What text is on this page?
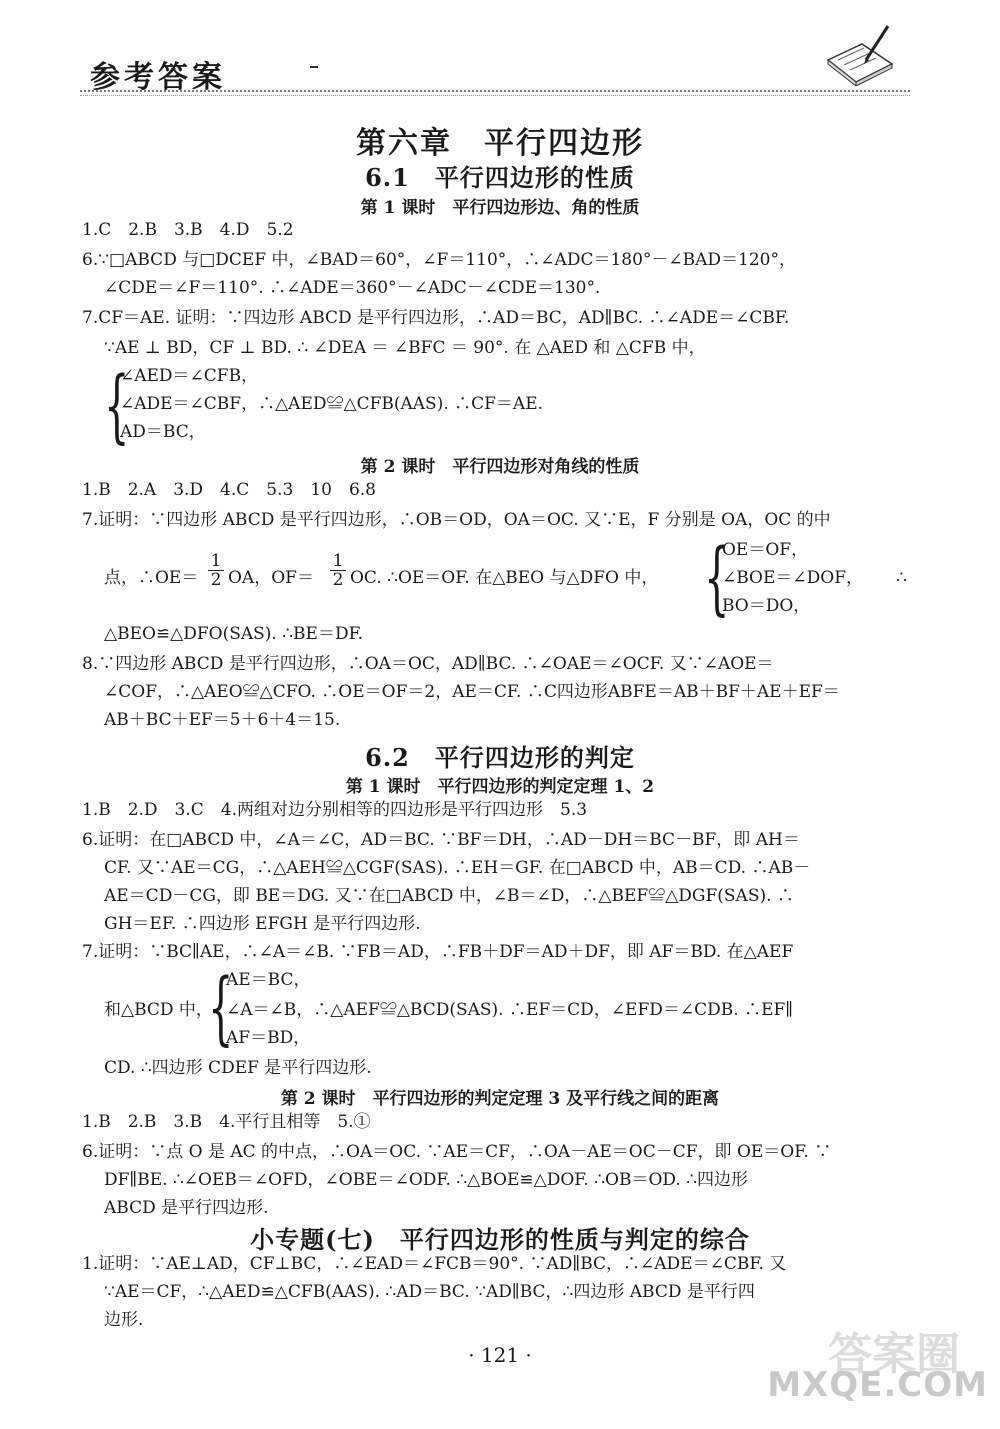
参考答案
第六章　平行四边形
6.1　平行四边形的性质
第 1 课时　平行四边形边、角的性质
1.C　2.B　3.B　4.D　5.2
6.∵□ABCD 与□DCEF 中，∠BAD＝60°，∠F＝110°，∴∠ADC＝180°－∠BAD＝120°，
∠CDE＝∠F＝110°. ∴∠ADE＝360°－∠ADC－∠CDE＝130°.
7.CF＝AE. 证明：∵四边形 ABCD 是平行四边形，∴AD＝BC，AD∥BC. ∴∠ADE＝∠CBF.
∵AE ⊥ BD，CF ⊥ BD. ∴ ∠DEA ＝ ∠BFC ＝ 90°. 在 △AED 和 △CFB 中，
{
∠AED＝∠CFB，
∠ADE＝∠CBF，∴△AED≌△CFB(AAS). ∴CF＝AE.
AD＝BC，
第 2 课时　平行四边形对角线的性质
1.B　2.A　3.D　4.C　5.3　10　6.8
7.证明：∵四边形 ABCD 是平行四边形，∴OB＝OD，OA＝OC. 又∵E，F 分别是 OA，OC 的中
点，∴OE＝ $\frac{1}{2}$ OA，$OF= \frac{1}{2}$ OC. ∴OE＝OF. 在△BEO 与△DFO 中， {
OE＝OF，
∠BOE＝∠DOF，
BO＝DO，
∴
△BEO≌△DFO(SAS). ∴BE＝DF.
8.∵四边形 ABCD 是平行四边形，∴OA＝OC，AD∥BC. ∴∠OAE＝∠OCF. 又∵∠AOE＝
∠COF，∴△AEO≌△CFO. ∴OE＝OF＝2，AE＝CF. ∴C四边形ABFE＝AB＋BF＋AE＋EF＝
AB＋BC＋EF＝5＋6＋4＝15.
6.2　平行四边形的判定
第 1 课时　平行四边形的判定定理 1、2
1.B　2.D　3.C　4.两组对边分别相等的四边形是平行四边形　5.3
6.证明：在□ABCD 中，∠A＝∠C，AD＝BC. ∵BF＝DH，∴AD－DH＝BC－BF，即 AH＝
CF. 又∵AE＝CG，∴△AEH≌△CGF(SAS). ∴EH＝GF. 在□ABCD 中，AB＝CD. ∴AB－
AE＝CD－CG，即 BE＝DG. 又∵在□ABCD 中，∠B＝∠D，∴△BEF≌△DGF(SAS). ∴
GH＝EF. ∴四边形 EFGH 是平行四边形.
7.证明：∵BC∥AE，∴∠A＝∠B. ∵FB＝AD，∴FB＋DF＝AD＋DF，即 AF＝BD. 在△AEF
和△BCD 中，
{
AE＝BC，
∠A＝∠B，∴△AEF≌△BCD(SAS). ∴EF＝CD，∠EFD＝∠CDB. ∴EF∥
AF＝BD，
CD. ∴四边形 CDEF 是平行四边形.
第 2 课时　平行四边形的判定定理 3 及平行线之间的距离
1.B　2.B　3.B　4.平行且相等　5.①
6.证明：∵点 O 是 AC 的中点，∴OA＝OC. ∵AE＝CF，∴OA－AE＝OC－CF，即 OE＝OF. ∵
DF∥BE. ∴∠OEB＝∠OFD，∠OBE＝∠ODF. ∴△BOE≌△DOF. ∴OB＝OD. ∴四边形
ABCD 是平行四边形.
小专题(七)　平行四边形的性质与判定的综合
1.证明：∵AE⊥AD，CF⊥BC，∴∠EAD＝∠FCB＝90°. ∵AD∥BC，∴∠ADE＝∠CBF. 又
∵AE＝CF，∴△AED≌△CFB(AAS). ∴AD＝BC. ∵AD∥BC，∴四边形 ABCD 是平行四
边形.
· 121 ·	答案圈
MXQE.COM
